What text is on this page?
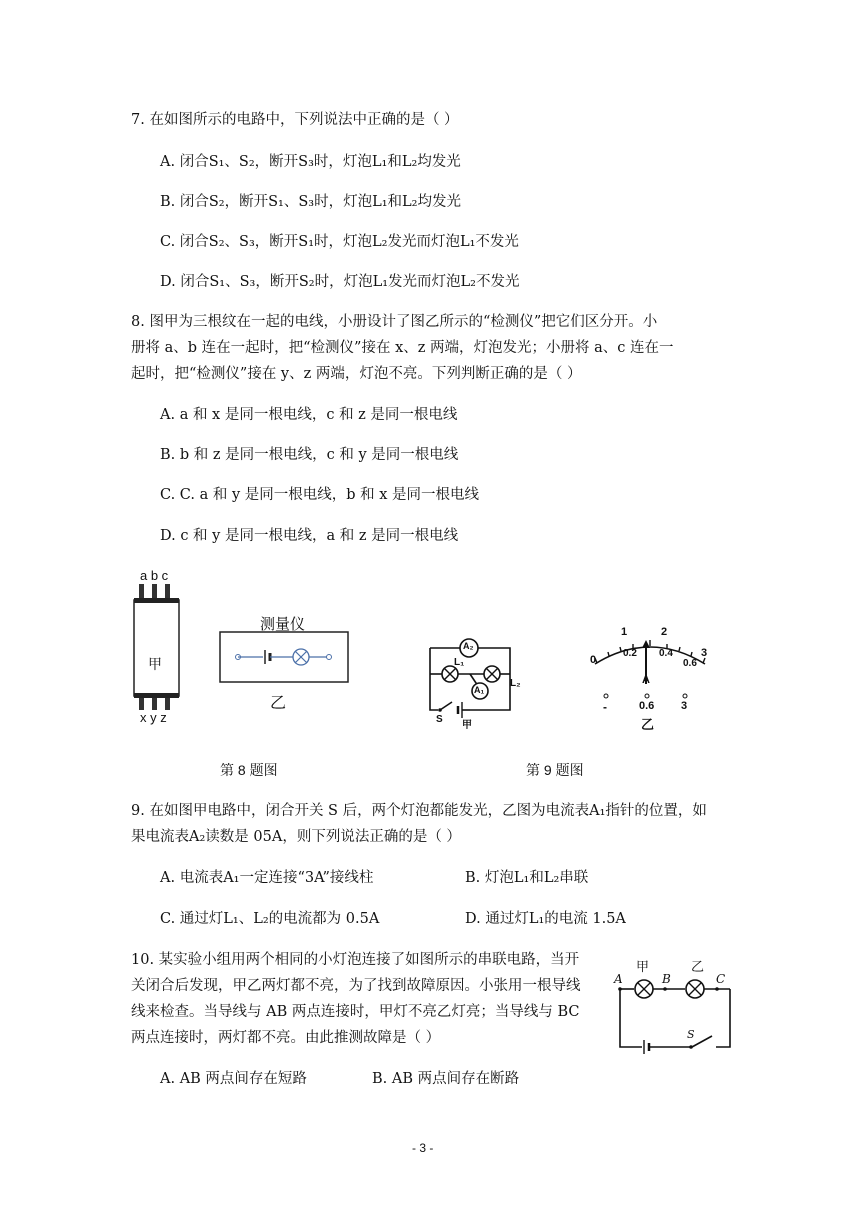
7. 在如图所示的电路中，下列说法中正确的是（ ）
A. 闭合S₁、S₂，断开S₃时，灯泡L₁和L₂均发光
B. 闭合S₂，断开S₁、S₃时，灯泡L₁和L₂均发光
C. 闭合S₂、S₃，断开S₁时，灯泡L₂发光而灯泡L₁不发光
D. 闭合S₁、S₃，断开S₂时，灯泡L₁发光而灯泡L₂不发光
8. 图甲为三根纹在一起的电线，小册设计了图乙所示的“检测仪”把它们区分开。小
册将 a、b 连在一起时，把“检测仪”接在 x、z 两端，灯泡发光；小册将 a、c 连在一
起时，把“检测仪”接在 y、z 两端，灯泡不亮。下列判断正确的是（ ）
A. a 和 x 是同一根电线，c 和 z 是同一根电线
B. b 和 z 是同一根电线，c 和 y 是同一根电线
C. C. a 和 y 是同一根电线，b 和 x 是同一根电线
D. c 和 y 是同一根电线，a 和 z 是同一根电线
a b c
x y z
甲
测量仪
乙
A₂
A₁
L₁
L₂
S
甲
0
1	2
3
0.2 0.4
0.6
A
-	0.6 3
乙
第 8 题图	第 9 题图
9. 在如图甲电路中，闭合开关 S 后，两个灯泡都能发光，乙图为电流表A₁指针的位置，如
果电流表A₂读数是 05A，则下列说法正确的是（ ）
A. 电流表A₁一定连接“3A”接线柱	B. 灯泡L₁和L₂串联
C. 通过灯L₁、L₂的电流都为 0.5A	D. 通过灯L₁的电流 1.5A
10. 某实验小组用两个相同的小灯泡连接了如图所示的串联电路，当开
关闭合后发现，甲乙两灯都不亮，为了找到故障原因。小张用一根导线
线来检查。当导线与 AB 两点连接时，甲灯不亮乙灯亮；当导线与 BC
两点连接时，两灯都不亮。由此推测故障是（ ）
A. AB 两点间存在短路	B. AB 两点间存在断路
甲	乙
A	B	C
S
- 3 -
